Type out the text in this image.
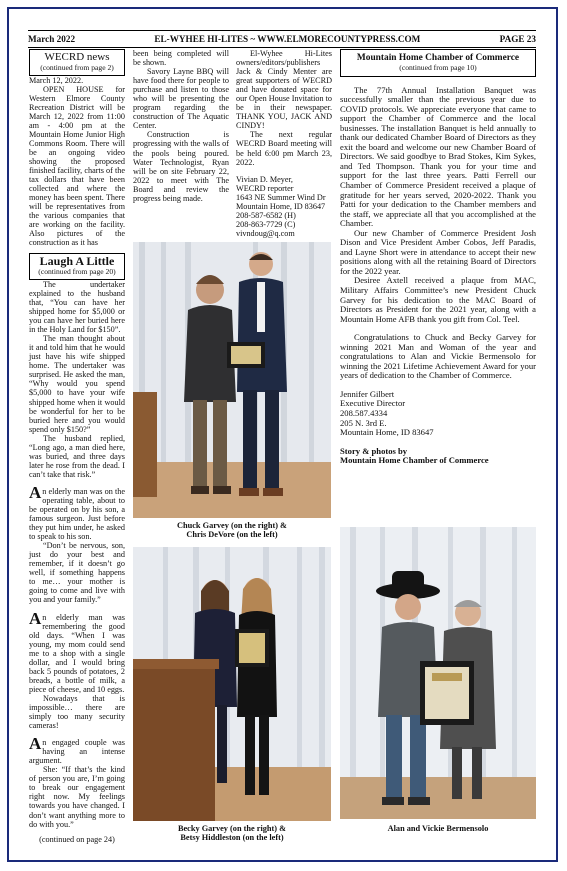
March 2022	EL-WYHEE HI-LITES ~ WWW.ELMORECOUNTYPRESS.COM	PAGE 23
WECRD news
(continued from page 2)

March 12, 2022.

OPEN HOUSE for Western Elmore County Recreation District will be March 12, 2022 from 11:00 am - 4:00 pm at the Mountain Home Junior High Commons Room. There will be an ongoing video showing the proposed finished facility, charts of the tax dollars that have been collected and where the money has been spent. There will be representatives from the various companies that are working on the facility. Also pictures of the construction as it has

Laugh A Little
(continued from page 20)

The undertaker explained to the husband that, “You can have her shipped home for $5,000 or you can have her buried here in the Holy Land for $150”.

The man thought about it and told him that he would just have his wife shipped home. The undertaker was surprised. He asked the man, “Why would you spend $5,000 to have your wife shipped home when it would be wonderful for her to be buried here and you would spend only $150?”

The husband replied, “Long ago, a man died here, was buried, and three days later he rose from the dead. I can’t take that risk.”

An elderly man was on the operating table, about to be operated on by his son, a famous surgeon. Just before they put him under, he asked to speak to his son.

“Don’t be nervous, son, just do your best and remember, if it doesn’t go well, if something happens to me… your mother is going to come and live with you and your family.”

An elderly man was remembering the good old days. “When I was young, my mom could send me to a shop with a single dollar, and I would bring back 5 pounds of potatoes, 2 breads, a bottle of milk, a piece of cheese, and 10 eggs.

Nowadays that is impossible… there are simply too many security cameras!

An engaged couple was having an intense argument.

She: “If that’s the kind of person you are, I’m going to break our engagement right now. My feelings towards you have changed. I don’t want anything more to do with you.”

(continued on page 24)

been being completed will be shown.

Savory Layne BBQ will have food there for people to purchase and listen to those who will be presenting the program regarding the construction of The Aquatic Center.

Construction is progressing with the walls of the pools being poured. Water Technologist, Ryan will be on site February 22, 2022 to meet with The Board and review the progress being made.

El-Wyhee Hi-Lites owners/editors/publishers Jack & Cindy Menter are great supporters of WECRD and have donated space for our Open House Invitation to be in their newspaper. THANK YOU, JACK AND CINDY!

The next regular WECRD Board meeting will be held 6:00 pm March 23, 2022.

Vivian D. Meyer,
WECRD reporter
1643 NE Summer Wind Dr
Mountain Home, ID 83647
208-587-6582 (H)
208-863-7729 (C)
vivndoug@q.com
Mountain Home Chamber of Commerce
(continued from page 10)

The 77th Annual Installation Banquet was successfully smaller than the previous year due to COVID protocols. We appreciate everyone that came to support the Chamber of Commerce and the local businesses. The installation Banquet is held annually to thank our dedicated Chamber Board of Directors as they exit the board and welcome our new Chamber Board of Directors. We said goodbye to Brad Stokes, Kim Sykes, and Ted Thompson. Thank you for your time and support for the last three years. Patti Ferrell our Chamber of Commerce President received a plaque of gratitude for her years served, 2020-2022. Thank you Patti for your dedication to the Chamber members and the staff, we appreciate all that you accomplished at the Chamber.

Our new Chamber of Commerce President Josh Dison and Vice President Amber Cobos, Jeff Paradis, and Layne Short were in attendance to accept their new positions along with all the retaining Board of Directors for the 2022 year.

Desiree Axtell received a plaque from MAC, Military Affairs Committee’s new President Chuck Garvey for his dedication to the MAC Board of Directors as President for the 2021 year, along with a Mountain Home AFB thank you gift from Col. Teel.

Congratulations to Chuck and Becky Garvey for winning 2021 Man and Woman of the year and congratulations to Alan and Vickie Bermensolo for winning the 2021 Lifetime Achievement Award for your years of dedication to the Chamber of Commerce.

Jennifer Gilbert
Executive Director
208.587.4334
205 N. 3rd E.
Mountain Home, ID 83647
Story & photos by
Mountain Home Chamber of Commerce
Chuck Garvey (on the right) &
Chris DeVore (on the left)
Becky Garvey (on the right) &
Betsy Hiddleston (on the left)
Alan and Vickie Bermensolo
